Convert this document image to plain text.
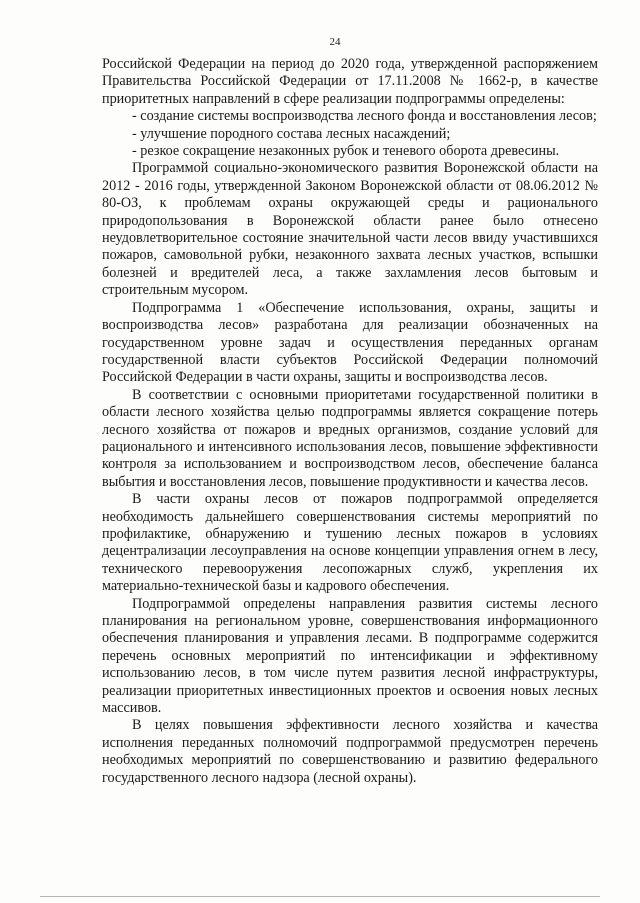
24

Российской Федерации на период до 2020 года, утвержденной распоряжением Правительства Российской Федерации от 17.11.2008 № 1662-р, в качестве приоритетных направлений в сфере реализации подпрограммы определены:

- создание системы воспроизводства лесного фонда и восстановления лесов;

- улучшение породного состава лесных насаждений;

- резкое сокращение незаконных рубок и теневого оборота древесины.

Программой социально-экономического развития Воронежской области на 2012 - 2016 годы, утвержденной Законом Воронежской области от 08.06.2012 № 80-ОЗ, к проблемам охраны окружающей среды и рационального природопользования в Воронежской области ранее было отнесено неудовлетворительное состояние значительной части лесов ввиду участившихся пожаров, самовольной рубки, незаконного захвата лесных участков, вспышки болезней и вредителей леса, а также захламления лесов бытовым и строительным мусором.

Подпрограмма 1 «Обеспечение использования, охраны, защиты и воспроизводства лесов» разработана для реализации обозначенных на государственном уровне задач и осуществления переданных органам государственной власти субъектов Российской Федерации полномочий Российской Федерации в части охраны, защиты и воспроизводства лесов.

В соответствии с основными приоритетами государственной политики в области лесного хозяйства целью подпрограммы является сокращение потерь лесного хозяйства от пожаров и вредных организмов, создание условий для рационального и интенсивного использования лесов, повышение эффективности контроля за использованием и воспроизводством лесов, обеспечение баланса выбытия и восстановления лесов, повышение продуктивности и качества лесов.

В части охраны лесов от пожаров подпрограммой определяется необходимость дальнейшего совершенствования системы мероприятий по профилактике, обнаружению и тушению лесных пожаров в условиях децентрализации лесоуправления на основе концепции управления огнем в лесу, технического перевооружения лесопожарных служб, укрепления их материально-технической базы и кадрового обеспечения.

Подпрограммой определены направления развития системы лесного планирования на региональном уровне, совершенствования информационного обеспечения планирования и управления лесами. В подпрограмме содержится перечень основных мероприятий по интенсификации и эффективному использованию лесов, в том числе путем развития лесной инфраструктуры, реализации приоритетных инвестиционных проектов и освоения новых лесных массивов.

В целях повышения эффективности лесного хозяйства и качества исполнения переданных полномочий подпрограммой предусмотрен перечень необходимых мероприятий по совершенствованию и развитию федерального государственного лесного надзора (лесной охраны).
